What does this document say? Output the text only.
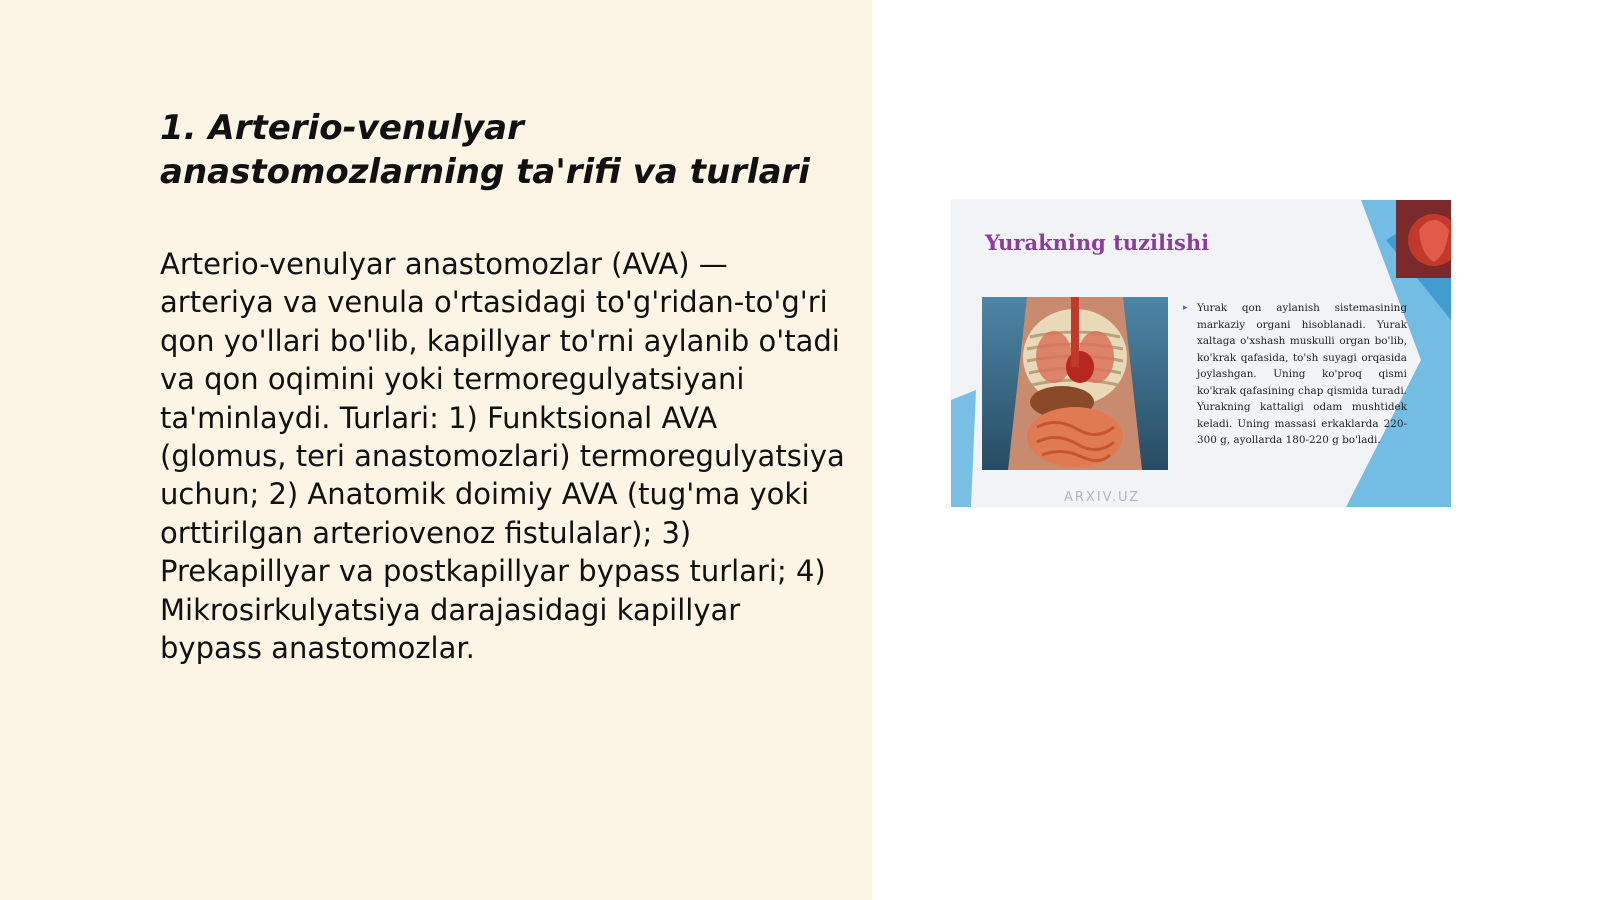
1. Arterio-venulyar anastomozlarning ta'rifi va turlari

Arterio-venulyar anastomozlar (AVA) — arteriya va venula o'rtasidagi to'g'ridan-to'g'ri qon yo'llari bo'lib, kapillyar to'rni aylanib o'tadi va qon oqimini yoki termoregulyatsiyani ta'minlaydi. Turlari: 1) Funktsional AVA (glomus, teri anastomozlari) termoregulyatsiya uchun; 2) Anatomik doimiy AVA (tug'ma yoki orttirilgan arteriovenoz fistulalar); 3) Prekapillyar va postkapillyar bypass turlari; 4) Mikrosirkulyatsiya darajasidagi kapillyar bypass anastomozlar.

Yurakning tuzilishi
▸ Yurak qon aylanish sistemasining markaziy organi hisoblanadi. Yurak xaltaga o'xshash muskulli organ bo'lib, ko'krak qafasida, to'sh suyagi orqasida joylashgan. Uning ko'proq qismi ko'krak qafasining chap qismida turadi. Yurakning kattaligi odam mushtidek keladi. Uning massasi erkaklarda 220-300 g, ayollarda 180-220 g bo'ladi.

ARXIV.UZ
